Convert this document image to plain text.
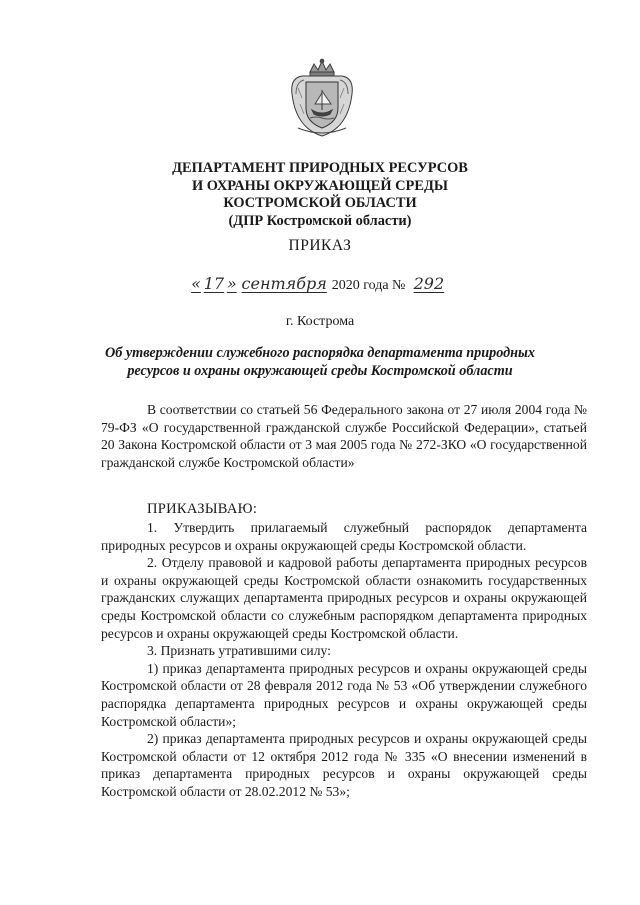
ДЕПАРТАМЕНТ ПРИРОДНЫХ РЕСУРСОВ
И ОХРАНЫ ОКРУЖАЮЩЕЙ СРЕДЫ
КОСТРОМСКОЙ ОБЛАСТИ
(ДПР Костромской области)
ПРИКАЗ
« 17 » сентября 2020 года № 292
г. Кострома
Об утверждении служебного распорядка департамента природных ресурсов и охраны окружающей среды Костромской области

В соответствии со статьей 56 Федерального закона от 27 июля 2004 года № 79-ФЗ «О государственной гражданской службе Российской Федерации», статьей 20 Закона Костромской области от 3 мая 2005 года № 272-ЗКО «О государственной гражданской службе Костромской области»

ПРИКАЗЫВАЮ:

1. Утвердить прилагаемый служебный распорядок департамента природных ресурсов и охраны окружающей среды Костромской области.

2. Отделу правовой и кадровой работы департамента природных ресурсов и охраны окружающей среды Костромской области ознакомить государственных гражданских служащих департамента природных ресурсов и охраны окружающей среды Костромской области со служебным распорядком департамента природных ресурсов и охраны окружающей среды Костромской области.

3. Признать утратившими силу:

1) приказ департамента природных ресурсов и охраны окружающей среды Костромской области от 28 февраля 2012 года № 53 «Об утверждении служебного распорядка департамента природных ресурсов и охраны окружающей среды Костромской области»;

2) приказ департамента природных ресурсов и охраны окружающей среды Костромской области от 12 октября 2012 года № 335 «О внесении изменений в приказ департамента природных ресурсов и охраны окружающей среды Костромской области от 28.02.2012 № 53»;
